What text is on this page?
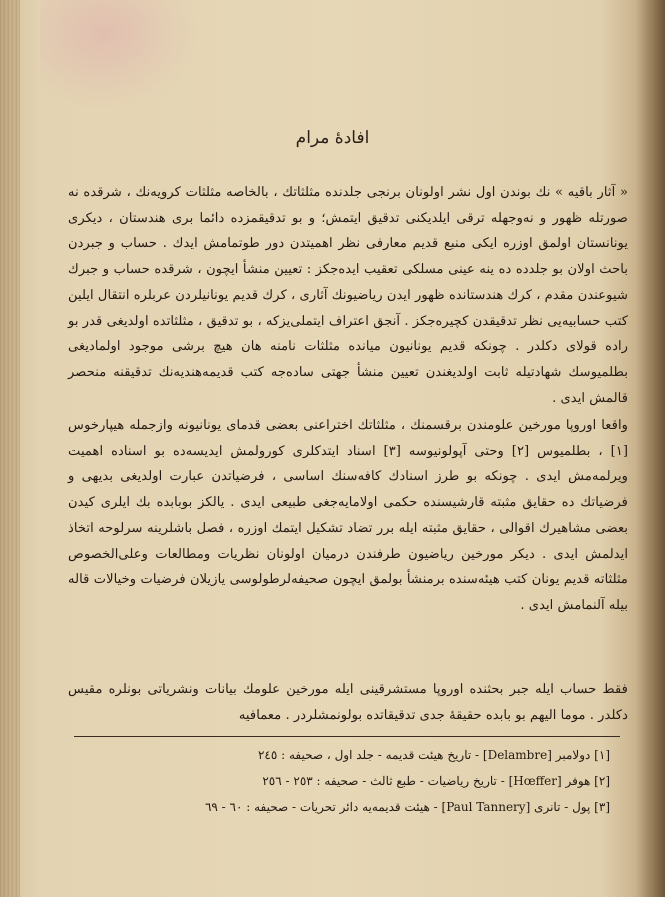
افادهٔ مرام

« آثار باقیه » نك بوندن اول نشر اولونان برنجی جلدنده مثلثاتك ، بالخاصه مثلثات كرويه‌نك ، شرقده نه صورتله ظهور و نه‌وجهله ترقی ایلدیكنی تدقیق ایتمش؛ و بو تدقیقمزده دائما بری هندستان ، دیكری یونانستان اولمق اوزره ایكی منبع قدیم معارفی نظر اهمیتدن دور طوتمامش ایدك . حساب و جبردن باحث اولان بو جلدده ده ینه عینی مسلكی تعقیب ایده‌جكز : تعیین منشأ ایچون ، شرقده حساب و جبرك شیوعندن مقدم ، كرك هندستانده ظهور ایدن ریاضیونك آثاری ، كرك قدیم یونانیلردن عربلره انتقال ایلین كتب حسابیه‌یی نظر تدقیقدن كچیره‌جكز . آنجق اعتراف ایتملی‌یزكه ، بو تدقیق ، مثلثاتده اولدیغی قدر بو راده قولای دكلدر . چونكه قدیم یونانیون میانده مثلثات نامنه هان هیچ برشی موجود اولمادیغی بطلمیوسك شهادتیله ثابت اولدیغندن تعیین منشأ جهتی ساده‌جه كتب قدیمه‌هندیه‌نك تدقیقنه منحصر قالمش ایدی .

واقعا اوروپا مورخین علومندن برقسمنك ، مثلثاتك اختراعنی بعضی قدمای یونانیونه وازجمله هیپارخوس [١] ، بطلمیوس [٢] وحتی آپولونیوسه [٣] اسناد ایتدكلری كورولمش ایدیسه‌ده بو اسناده اهمیت ویرلمه‌مش ایدی . چونكه بو طرز اسنادك كافه‌سنك اساسی ، فرضیاتدن عبارت اولدیغی بدیهی و فرضیاتك ده حقایق مثبته قارشیسنده حكمی اولامایه‌جغی طبیعی ایدی . یالكز بوبابده بك ایلری كیدن بعضی مشاهیرك اقوالی ، حقایق مثبته ایله برر تضاد تشكیل ایتمك اوزره ، فصل باشلرینه سرلوحه اتخاذ ایدلمش ایدی . دیكر مورخین ریاضیون طرفندن درمیان اولونان نظریات ومطالعات وعلی‌الخصوص مثلثاته قدیم یونان كتب هیئه‌سنده برمنشأ بولمق ایچون صحیفه‌لرطولوسی یازیلان فرضیات وخیالات قاله بیله آلنمامش ایدی .

فقط حساب ایله جبر بحثنده اوروپا مستشرقینی ایله مورخین علومك بیانات ونشریاتی بونلره مقیس دكلدر . موما الیهم بو بابده حقیقهٔ جدی تدقیقاتده بولونمشلردر . معمافیه

[١] دولامبر [Delambre] - تاریخ هیئت قدیمه - جلد اول ، صحیفه : ٢٤٥
[٢] هوفر [Hœffer] - تاریخ ریاضیات - طبع ثالث - صحیفه : ٢٥٣ - ٢٥٦
[٣] پول - تانری [Paul Tannery] - هیئت قدیمه‌یه دائر تحریات - صحیفه : ٦٠ - ٦٩
